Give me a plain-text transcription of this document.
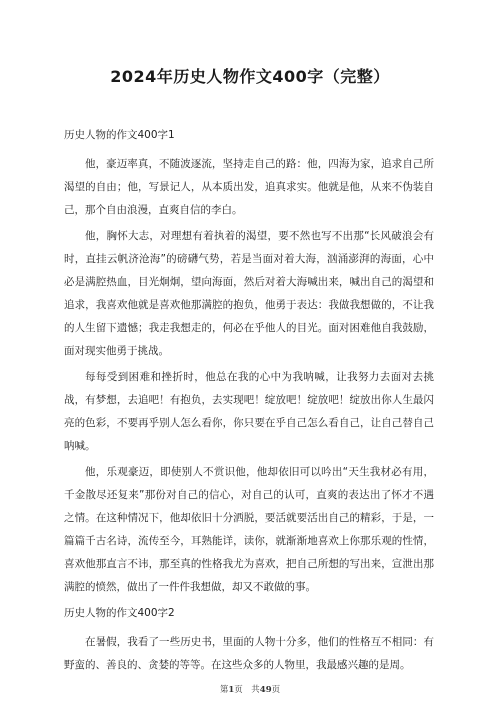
2024年历史人物作文400字（完整）
历史人物的作文400字1

他，豪迈率真，不随波逐流，坚持走自己的路：他，四海为家，追求自己所渴望的自由；他，写景记人，从本质出发，追真求实。他就是他，从来不伪装自己，那个自由浪漫，直爽自信的李白。

他，胸怀大志，对理想有着执着的渴望，要不然也写不出那“长风破浪会有时，直挂云帆济沧海”的磅礴气势，若是当面对着大海，汹涌澎湃的海面，心中必是满腔热血，目光炯炯，望向海面，然后对着大海喊出来，喊出自己的渴望和追求，我喜欢他就是喜欢他那满腔的抱负，他勇于表达：我做我想做的，不让我的人生留下遗憾；我走我想走的，何必在乎他人的目光。面对困难他自我鼓励，面对现实他勇于挑战。

每每受到困难和挫折时，他总在我的心中为我呐喊，让我努力去面对去挑战，有梦想，去追吧！有抱负，去实现吧！绽放吧！绽放吧！绽放出你人生最闪亮的色彩，不要再乎别人怎么看你，你只要在乎自己怎么看自己，让自己替自己呐喊。

他，乐观豪迈，即使别人不赏识他，他却依旧可以吟出“天生我材必有用，千金散尽还复来”那份对自己的信心，对自己的认可，直爽的表达出了怀才不遇之情。在这种情况下，他却依旧十分洒脱，要活就要活出自己的精彩，于是，一篇篇千古名诗，流传至今，耳熟能详，读你，就渐渐地喜欢上你那乐观的性情，喜欢他那直言不讳，那至真的性格我尤为喜欢，把自己所想的写出来，宣泄出那满腔的愤然，做出了一件件我想做，却又不敢做的事。

历史人物的作文400字2

在暑假，我看了一些历史书，里面的人物十分多，他们的性格互不相同：有野蛮的、善良的、贪婪的等等。在这些众多的人物里，我最感兴趣的是周。

第1页　共49页
